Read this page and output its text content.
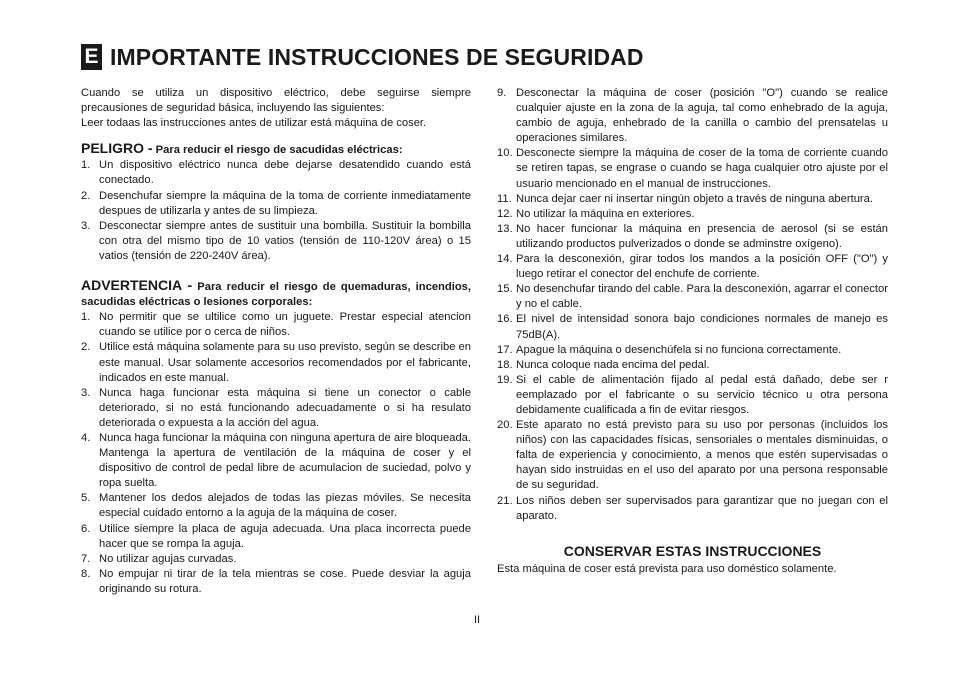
E IMPORTANTE INSTRUCCIONES DE SEGURIDAD

Cuando se utiliza un dispositivo eléctrico, debe seguirse siempre precausiones de seguridad básica, incluyendo las siguientes:

Leer todaas las instrucciones antes de utilizar está máquina de coser.

PELIGRO - Para reducir el riesgo de sacudidas eléctricas:
1. Un dispositivo eléctrico nunca debe dejarse desatendido cuando está conectado.
2. Desenchufar siempre la máquina de la toma de corriente inmediatamente despues de utilizarla y antes de su limpieza.
3. Desconectar siempre antes de sustituir una bombilla. Sustituir la bombilla con otra del mismo tipo de 10 vatios (tensión de 110-120V área) o 15 vatios (tensión de 220-240V área).
ADVERTENCIA - Para reducir el riesgo de quemaduras, incendios, sacudidas eléctricas o lesiones corporales:
1. No permitir que se ultilice como un juguete. Prestar especial atencion cuando se utilice por o cerca de niños.
2. Utilice está máquina solamente para su uso previsto, según se describe en este manual. Usar solamente accesorios recomendados por el fabricante, indicados en este manual.
3. Nunca haga funcionar esta máquina si tiene un conector o cable deteriorado, si no está funcionando adecuadamente o si ha resulato deteriorada o expuesta a la acción del agua.
4. Nunca haga funcionar la máquina con ninguna apertura de aire bloqueada. Mantenga la apertura de ventilación de la máquina de coser y el dispositivo de control de pedal libre de acumulacion de suciedad, polvo y ropa suelta.
5. Mantener los dedos alejados de todas las piezas móviles. Se necesita especial cuidado entorno a la aguja de la máquina de coser.
6. Utilice siempre la placa de aguja adecuada. Una placa incorrecta puede hacer que se rompa la aguja.
7. No utilizar agujas curvadas.
8. No empujar ni tirar de la tela mientras se cose. Puede desviar la aguja originando su rotura.
9. Desconectar la máquina de coser (posición "O") cuando se realice cualquier ajuste en la zona de la aguja, tal como enhebrado de la aguja, cambio de aguja, enhebrado de la canilla o cambio del prensatelas u operaciones similares.
10. Desconecte siempre la máquina de coser de la toma de corriente cuando se retiren tapas, se engrase o cuando se haga cualquier otro ajuste por el usuario mencionado en el manual de instrucciones.
11. Nunca dejar caer ni insertar ningún objeto a través de ninguna abertura.
12. No utilizar la máquina en exteriores.
13. No hacer funcionar la máquina en presencia de aerosol (si se están utilizando productos pulverizados o donde se adminstre oxígeno).
14. Para la desconexión, girar todos los mandos a la posición OFF ("O") y luego retirar el conector del enchufe de corriente.
15. No desenchufar tirando del cable. Para la desconexión, agarrar el conector y no el cable.
16. El nivel de intensidad sonora bajo condiciones normales de manejo es 75dB(A).
17. Apague la máquina o desenchúfela si no funciona correctamente.
18. Nunca coloque nada encima del pedal.
19. Si el cable de alimentación fijado al pedal está dañado, debe ser r eemplazado por el fabricante o su servicio técnico u otra persona debidamente cualificada a fin de evitar riesgos.
20. Este aparato no está previsto para su uso por personas (incluidos los niños) con las capacidades físicas, sensoriales o mentales disminuidas, o falta de experiencia y conocimiento, a menos que estén supervisadas o hayan sido instruidas en el uso del aparato por una persona responsable de su seguridad.
21. Los niños deben ser supervisados para garantizar que no juegan con el aparato.
CONSERVAR ESTAS INSTRUCCIONES

Esta máquina de coser está prevista para uso doméstico solamente.

II
